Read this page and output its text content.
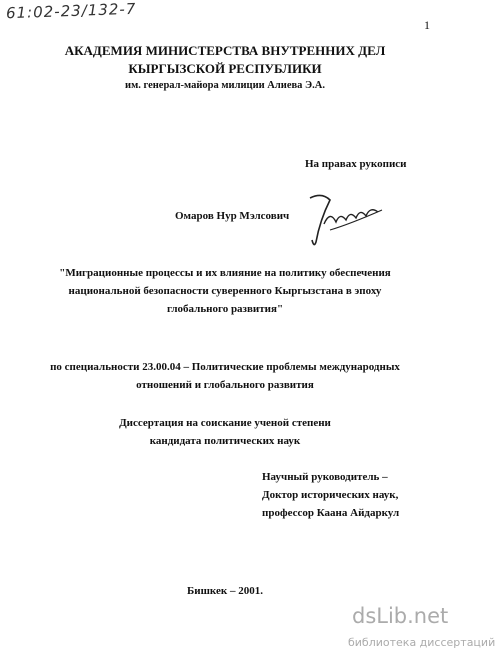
61:02-23/132-7
1
АКАДЕМИЯ МИНИСТЕРСТВА ВНУТРЕННИХ ДЕЛ
КЫРГЫЗСКОЙ РЕСПУБЛИКИ
им. генерал-майора милиции Алиева Э.А.
На правах рукописи
Омаров Нур Мэлсович
"Миграционные процессы и их влияние на политику обеспечения
национальной безопасности суверенного Кыргызстана в эпоху
глобального развития"
по специальности 23.00.04 – Политические проблемы международных
отношений и глобального развития
Диссертация на соискание ученой степени
кандидата политических наук
Научный руководитель –
Доктор исторических наук,
профессор Каана Айдаркул
Бишкек – 2001.
dsLib.net
библиотека диссертаций
